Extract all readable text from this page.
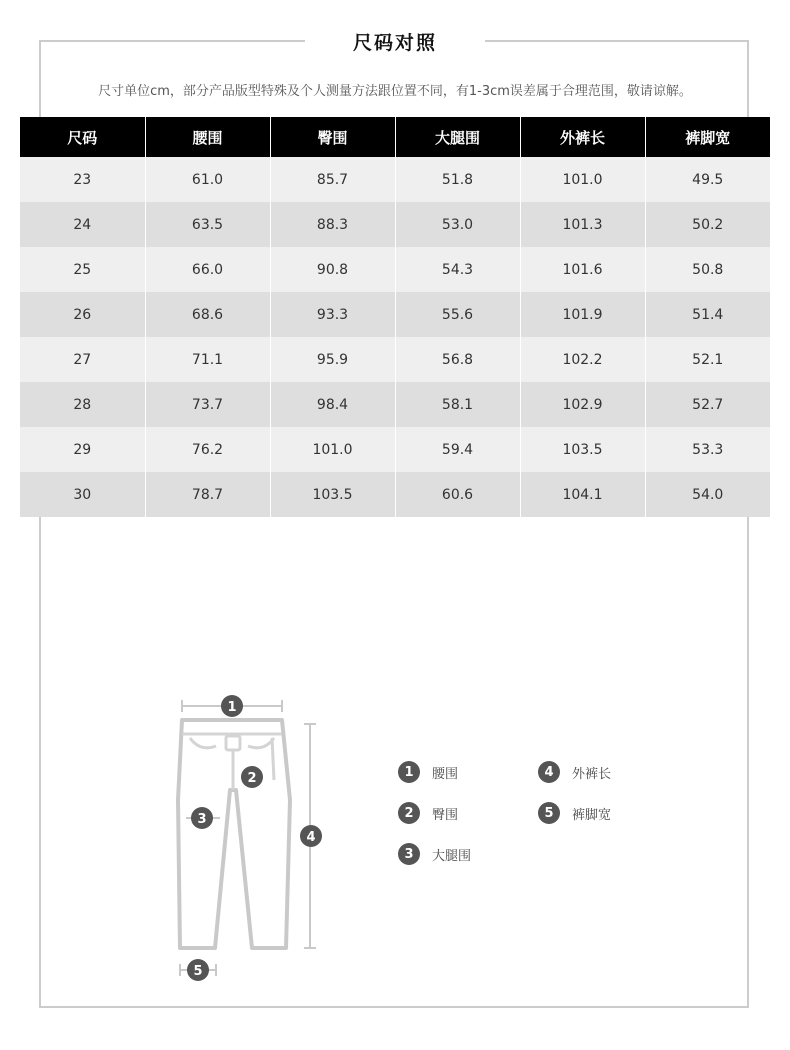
尺码对照
尺寸单位cm，部分产品版型特殊及个人测量方法跟位置不同，有1-3cm误差属于合理范围，敬请谅解。
尺码	腰围	臀围	大腿围	外裤长	裤脚宽
23	61.0	85.7	51.8	101.0	49.5
24	63.5	88.3	53.0	101.3	50.2
25	66.0	90.8	54.3	101.6	50.8
26	68.6	93.3	55.6	101.9	51.4
27	71.1	95.9	56.8	102.2	52.1
28	73.7	98.4	58.1	102.9	52.7
29	76.2	101.0	59.4	103.5	53.3
30	78.7	103.5	60.6	104.1	54.0
1
2
3
4
5
1	腰围
2	臀围
3	大腿围
4	外裤长
5	裤脚宽
